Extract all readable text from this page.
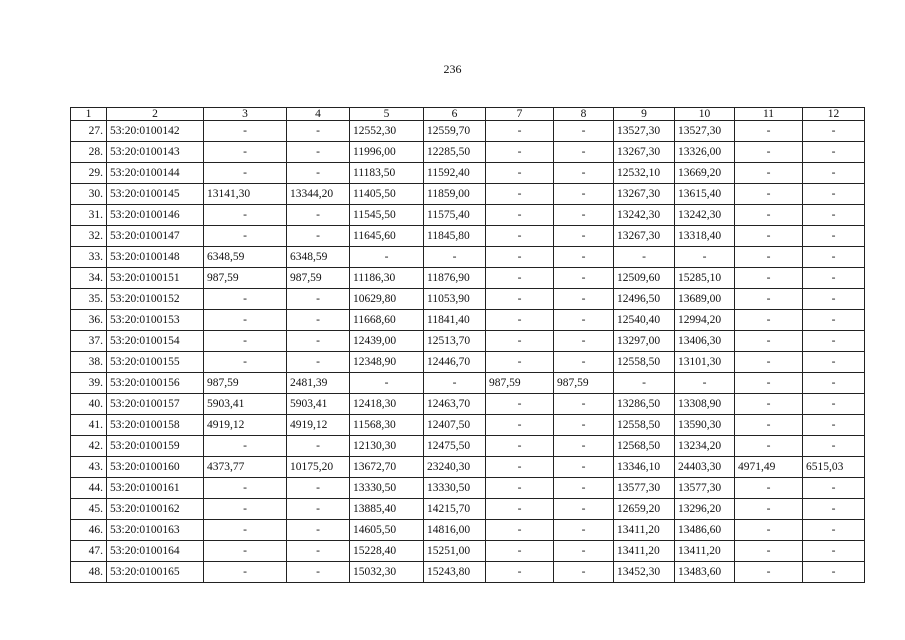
236
1	2	3	4	5	6	7	8	9	10	11	12
27.	53:20:0100142	-	-	12552,30	12559,70	-	-	13527,30	13527,30	-	-
28.	53:20:0100143	-	-	11996,00	12285,50	-	-	13267,30	13326,00	-	-
29.	53:20:0100144	-	-	11183,50	11592,40	-	-	12532,10	13669,20	-	-
30.	53:20:0100145	13141,30	13344,20	11405,50	11859,00	-	-	13267,30	13615,40	-	-
31.	53:20:0100146	-	-	11545,50	11575,40	-	-	13242,30	13242,30	-	-
32.	53:20:0100147	-	-	11645,60	11845,80	-	-	13267,30	13318,40	-	-
33.	53:20:0100148	6348,59	6348,59	-	-	-	-	-	-	-	-
34.	53:20:0100151	987,59	987,59	11186,30	11876,90	-	-	12509,60	15285,10	-	-
35.	53:20:0100152	-	-	10629,80	11053,90	-	-	12496,50	13689,00	-	-
36.	53:20:0100153	-	-	11668,60	11841,40	-	-	12540,40	12994,20	-	-
37.	53:20:0100154	-	-	12439,00	12513,70	-	-	13297,00	13406,30	-	-
38.	53:20:0100155	-	-	12348,90	12446,70	-	-	12558,50	13101,30	-	-
39.	53:20:0100156	987,59	2481,39	-	-	987,59	987,59	-	-	-	-
40.	53:20:0100157	5903,41	5903,41	12418,30	12463,70	-	-	13286,50	13308,90	-	-
41.	53:20:0100158	4919,12	4919,12	11568,30	12407,50	-	-	12558,50	13590,30	-	-
42.	53:20:0100159	-	-	12130,30	12475,50	-	-	12568,50	13234,20	-	-
43.	53:20:0100160	4373,77	10175,20	13672,70	23240,30	-	-	13346,10	24403,30	4971,49	6515,03
44.	53:20:0100161	-	-	13330,50	13330,50	-	-	13577,30	13577,30	-	-
45.	53:20:0100162	-	-	13885,40	14215,70	-	-	12659,20	13296,20	-	-
46.	53:20:0100163	-	-	14605,50	14816,00	-	-	13411,20	13486,60	-	-
47.	53:20:0100164	-	-	15228,40	15251,00	-	-	13411,20	13411,20	-	-
48.	53:20:0100165	-	-	15032,30	15243,80	-	-	13452,30	13483,60	-	-
